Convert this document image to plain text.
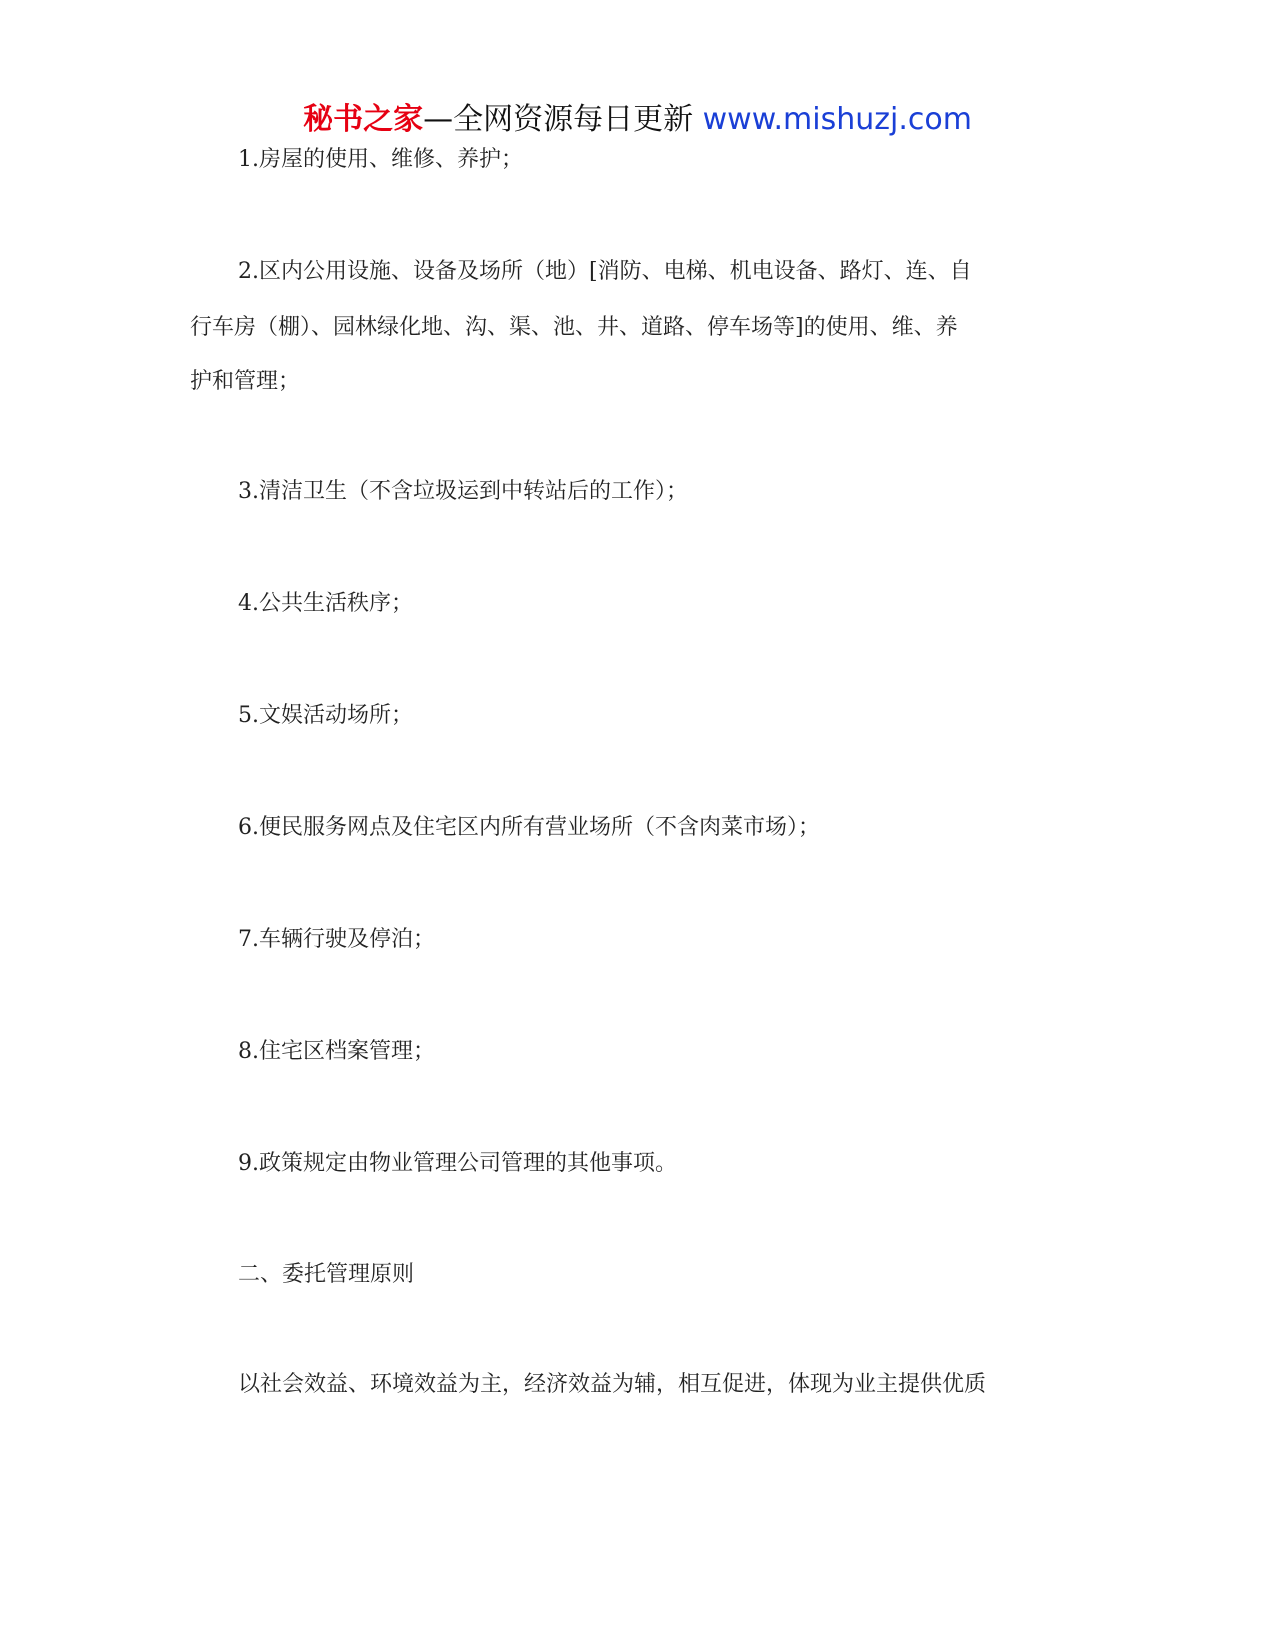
秘书之家—全网资源每日更新 www.mishuzj.com

1.房屋的使用、维修、养护；

2.区内公用设施、设备及场所（地）[消防、电梯、机电设备、路灯、连、自

行车房（棚）、园林绿化地、沟、渠、池、井、道路、停车场等]的使用、维、养

护和管理；

3.清洁卫生（不含垃圾运到中转站后的工作）；

4.公共生活秩序；

5.文娱活动场所；

6.便民服务网点及住宅区内所有营业场所（不含肉菜市场）；

7.车辆行驶及停泊；

8.住宅区档案管理；

9.政策规定由物业管理公司管理的其他事项。

二、委托管理原则

以社会效益、环境效益为主，经济效益为辅，相互促进，体现为业主提供优质
